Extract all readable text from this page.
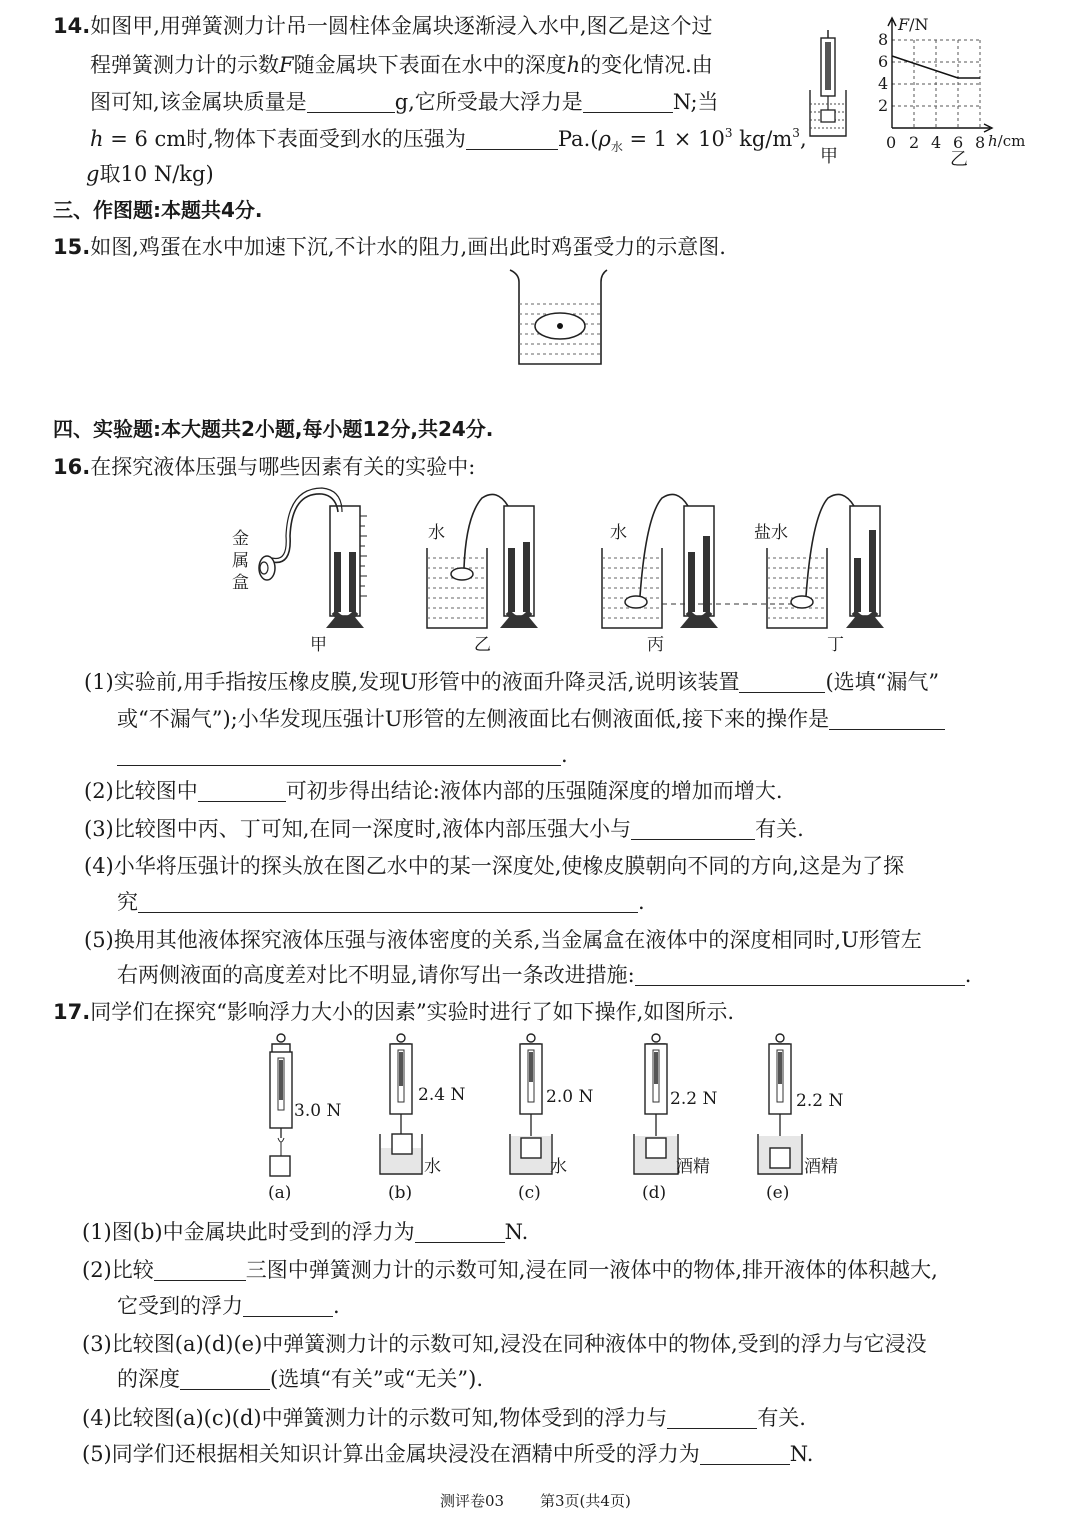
14.如图甲,用弹簧测力计吊一圆柱体金属块逐渐浸入水中,图乙是这个过
程弹簧测力计的示数F随金属块下表面在水中的深度h的变化情况.由
图可知,该金属块质量是	g,它所受最大浮力是	N;当
h = 6 cm时,物体下表面受到水的压强为	$Pa.(\rho_水 = 1 \times 10^3$ $kg/m^3$,
g取10 N/kg)
甲
F/N
8
6
4
2
0 2 4 6 8 h/cm
乙
三、作图题:本题共4分.
15.如图,鸡蛋在水中加速下沉,不计水的阻力,画出此时鸡蛋受力的示意图.
四、实验题:本大题共2小题,每小题12分,共24分.
16.在探究液体压强与哪些因素有关的实验中:
金
属
盒
甲
水
乙
水
丙
盐水
丁
(1)实验前,用手指按压橡皮膜,发现U形管中的液面升降灵活,说明该装置	(选填“漏气”
或“不漏气”);小华发现压强计U形管的左侧液面比右侧液面低,接下来的操作是
.
(2)比较图中	可初步得出结论:液体内部的压强随深度的增加而增大.
(3)比较图中丙、丁可知,在同一深度时,液体内部压强大小与	有关.
(4)小华将压强计的探头放在图乙水中的某一深度处,使橡皮膜朝向不同的方向,这是为了探
究	.
(5)换用其他液体探究液体压强与液体密度的关系,当金属盒在液体中的深度相同时,U形管左
右两侧液面的高度差对比不明显,请你写出一条改进措施:	.
17.同学们在探究“影响浮力大小的因素”实验时进行了如下操作,如图所示.
3.0 N
(a)
2.4 N
水
(b)
2.0 N
水
(c)
2.2 N
酒精
(d)
2.2 N
酒精
(e)
(1)图(b)中金属块此时受到的浮力为	N.
(2)比较	三图中弹簧测力计的示数可知,浸在同一液体中的物体,排开液体的体积越大,
它受到的浮力	.
(3)比较图(a)(d)(e)中弹簧测力计的示数可知,浸没在同种液体中的物体,受到的浮力与它浸没
的深度	(选填“有关”或“无关”).
(4)比较图(a)(c)(d)中弹簧测力计的示数可知,物体受到的浮力与	有关.
(5)同学们还根据相关知识计算出金属块浸没在酒精中所受的浮力为	N.
测评卷03 第3页(共4页)
